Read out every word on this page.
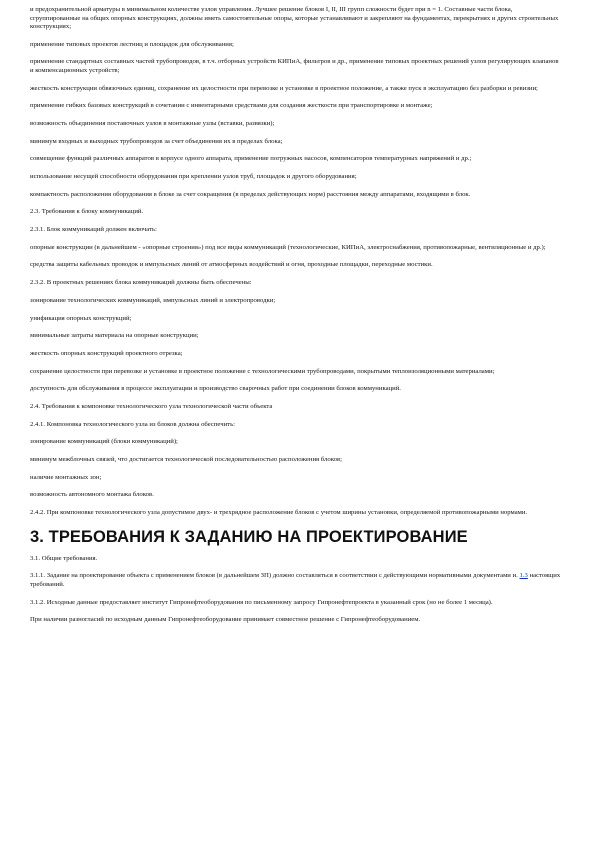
и предохранительной арматуры в минимальном количестве узлов управления. Лучшее решение блоков I, II, III групп сложности будет при n = 1. Составные части блока, сгруппированные на общих опорных конструкциях, должны иметь самостоятельные опоры, которые устанавливают и закрепляют на фундаментах, перекрытиях и других строительных конструкциях;

применение типовых проектов лестниц и площадок для обслуживания;

применение стандартных составных частей трубопроводов, в т.ч. отборных устройств КИПиА, фильтров и др., применение типовых проектных решений узлов регулирующих клапанов и компенсационных устройств;

жесткость конструкции обвязочных единиц, сохранение их целостности при перевозке и установке в проектное положение, а также пуск в эксплуатацию без разборки и ревизии;

применение гибких базовых конструкций в сочетании с инвентарными средствами для создания жесткости при транспортировке и монтаже;

возможность объединения поставочных узлов в монтажные узлы (вставки, развязки);

минимум входных и выходных трубопроводов за счет объединения их в пределах блока;

совмещение функций различных аппаратов в корпусе одного аппарата, применение погружных насосов, компенсаторов температурных напряжений и др.;

использование несущей способности оборудования при креплении узлов труб, площадок и другого оборудования;

компактность расположения оборудования в блоке за счет сокращения (в пределах действующих норм) расстояния между аппаратами, входящими в блок.

2.3. Требования к блоку коммуникаций.

2.3.1. Блок коммуникаций должен включать:

опорные конструкции (в дальнейшем - «опорные строения») под все виды коммуникаций (технологические, КИПиА, электроснабжения, противопожарные, вентиляционные и др.);

средства защиты кабельных проводок и импульсных линий от атмосферных воздействий и огня, проходные площадки, переходные мостики.

2.3.2. В проектных решениях блока коммуникаций должны быть обеспечены:

зонирование технологических коммуникаций, импульсных линий и электропроводки;

унификация опорных конструкций;

минимальные затраты материала на опорные конструкции;

жесткость опорных конструкций проектного отрезка;

сохранение целостности при перевозке и установке в проектное положение с технологическими трубопроводами, покрытыми теплоизоляционными материалами;

доступность для обслуживания в процессе эксплуатации и производство сварочных работ при соединении блоков коммуникаций.

2.4. Требования к компоновке технологического узла технологической части объекта

2.4.1. Компоновка технологического узла из блоков должна обеспечить:

зонирование коммуникаций (блоки коммуникаций);

минимум межблочных связей, что достигается технологической последовательностью расположения блоков;

наличие монтажных зон;

возможность автономного монтажа блоков.

2.4.2. При компоновке технологического узла допустимое двух- и трехрядное расположение блоков с учетом ширины установки, определяемой противопожарными нормами.

3. ТРЕБОВАНИЯ К ЗАДАНИЮ НА ПРОЕКТИРОВАНИЕ

3.1. Общие требования.

3.1.1. Задание на проектирование объекта с применением блоков (в дальнейшем ЗП) должно составляться в соответствии с действующими нормативными документами и. 1.3 настоящих требований.

3.1.2. Исходные данные предоставляет институт Гипронефтеоборудования по письменному запросу Гипронефтепроекта в указанный срок (но не более 1 месяца).

При наличии разногласий по исходным данным Гипронефтеоборудование принимает совместное решение с Гипронефтеоборудованием.
